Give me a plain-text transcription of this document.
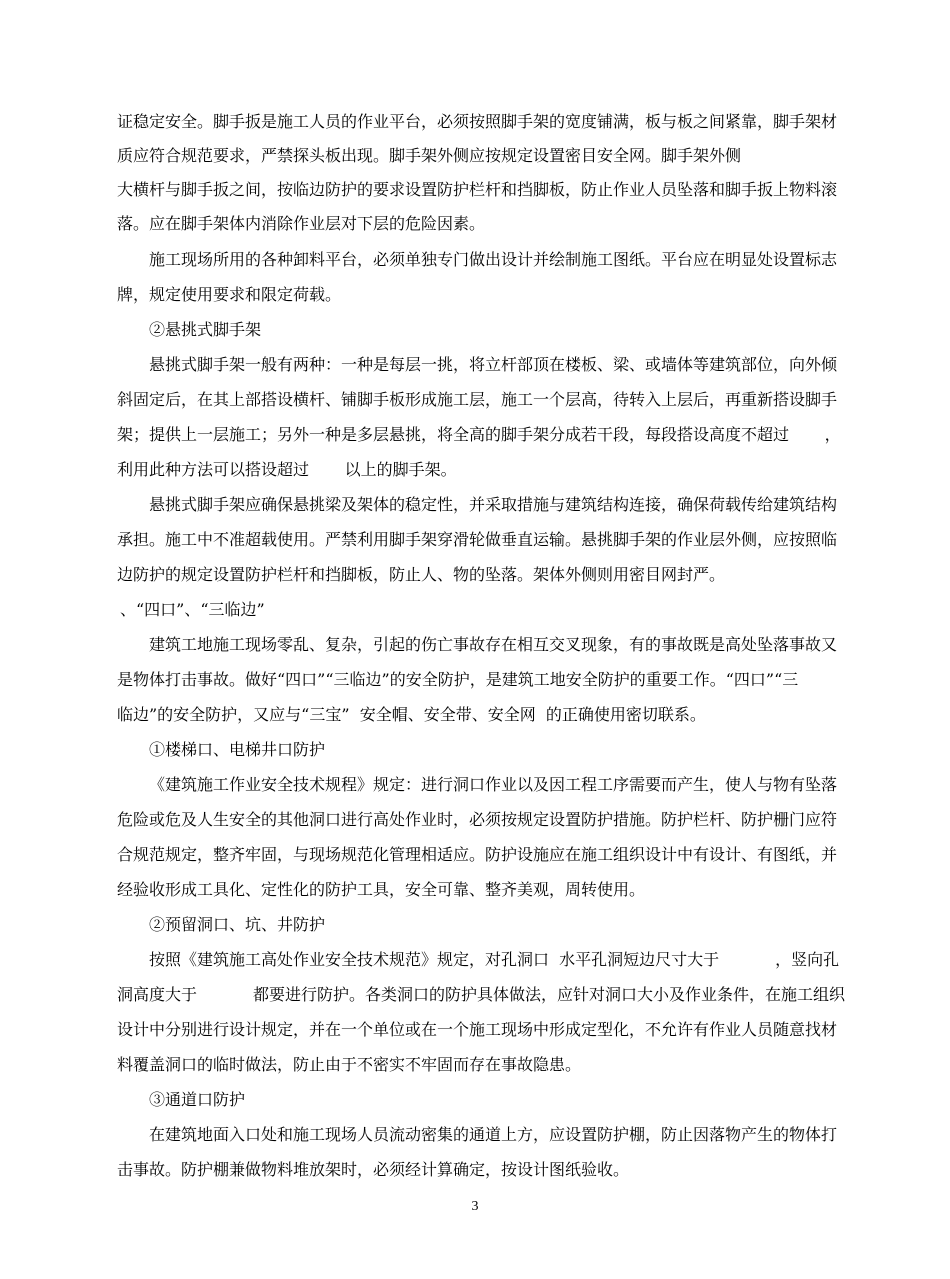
证稳定安全。脚手扳是施工人员的作业平台，必须按照脚手架的宽度铺满，板与板之间紧靠，脚手架材
质应符合规范要求，严禁探头板出现。脚手架外侧应按规定设置密目安全网。脚手架外侧
大横杆与脚手扳之间，按临边防护的要求设置防护栏杆和挡脚板，防止作业人员坠落和脚手扳上物料滚
落。应在脚手架体内消除作业层对下层的危险因素。
施工现场所用的各种卸料平台，必须单独专门做出设计并绘制施工图纸。平台应在明显处设置标志
牌，规定使用要求和限定荷载。
②悬挑式脚手架
悬挑式脚手架一般有两种：一种是每层一挑，将立杆部顶在楼板、梁、或墙体等建筑部位，向外倾
斜固定后，在其上部搭设横杆、铺脚手板形成施工层，施工一个层高，待转入上层后，再重新搭设脚手
架；提供上一层施工；另外一种是多层悬挑，将全高的脚手架分成若干段，每段搭设高度不超过       ，
利用此种方法可以搭设超过       以上的脚手架。
悬挑式脚手架应确保悬挑梁及架体的稳定性，并采取措施与建筑结构连接，确保荷载传给建筑结构
承担。施工中不准超载使用。严禁利用脚手架穿滑轮做垂直运输。悬挑脚手架的作业层外侧，应按照临
边防护的规定设置防护栏杆和挡脚板，防止人、物的坠落。架体外侧则用密目网封严。
、“四口”、“三临边”
建筑工地施工现场零乱、复杂，引起的伤亡事故存在相互交叉现象，有的事故既是高处坠落事故又
是物体打击事故。做好“四口”“三临边”的安全防护，是建筑工地安全防护的重要工作。“四口”“三
临边”的安全防护，又应与“三宝”  安全帽、安全带、安全网  的正确使用密切联系。
①楼梯口、电梯井口防护
《建筑施工作业安全技术规程》规定：进行洞口作业以及因工程工序需要而产生，使人与物有坠落
危险或危及人生安全的其他洞口进行高处作业时，必须按规定设置防护措施。防护栏杆、防护栅门应符
合规范规定，整齐牢固，与现场规范化管理相适应。防护设施应在施工组织设计中有设计、有图纸，并
经验收形成工具化、定性化的防护工具，安全可靠、整齐美观，周转使用。
②预留洞口、坑、井防护
按照《建筑施工高处作业安全技术规范》规定，对孔洞口  水平孔洞短边尺寸大于           ，竖向孔
洞高度大于           都要进行防护。各类洞口的防护具体做法，应针对洞口大小及作业条件，在施工组织
设计中分别进行设计规定，并在一个单位或在一个施工现场中形成定型化，不允许有作业人员随意找材
料覆盖洞口的临时做法，防止由于不密实不牢固而存在事故隐患。
③通道口防护
在建筑地面入口处和施工现场人员流动密集的通道上方，应设置防护棚，防止因落物产生的物体打
击事故。防护棚兼做物料堆放架时，必须经计算确定，按设计图纸验收。
3
